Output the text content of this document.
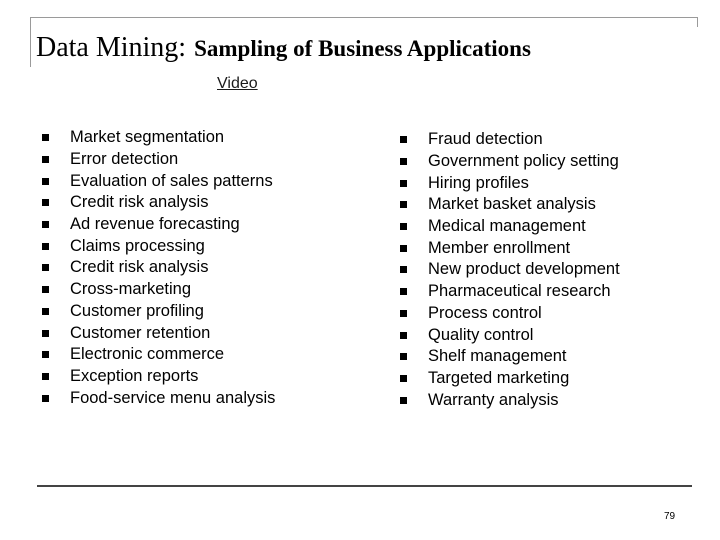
Data Mining: Sampling of Business Applications
Video
Market segmentation
Error detection
Evaluation of sales patterns
Credit risk analysis
Ad revenue forecasting
Claims processing
Credit risk analysis
Cross-marketing
Customer profiling
Customer retention
Electronic commerce
Exception reports
Food-service menu analysis
Fraud detection
Government policy setting
Hiring profiles
Market basket analysis
Medical management
Member enrollment
New product development
Pharmaceutical research
Process control
Quality control
Shelf management
Targeted marketing
Warranty analysis
79
